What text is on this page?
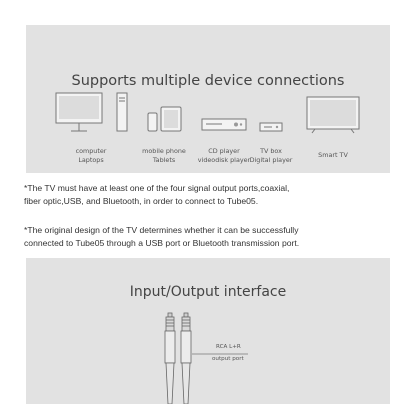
Supports multiple device connections
computer
Laptops
mobile phone
Tablets
CD player
videodisk player
TV box
Digital player
Smart TV
*The TV must have at least one of the four signal output ports,coaxial,
fiber optic,USB, and Bluetooth, in order to connect to Tube05.
*The original design of the TV determines whether it can be successfully
connected to Tube05 through a USB port or Bluetooth transmission port.
Input/Output interface
RCA L+R
output port
